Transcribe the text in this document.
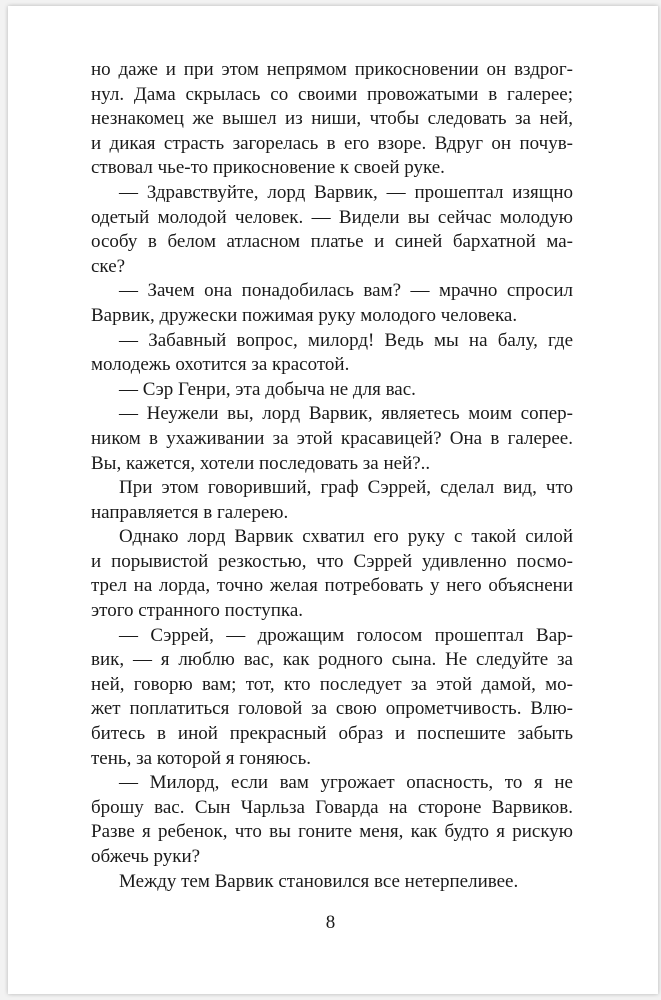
но даже и при этом непрямом прикосновении он вздрог-
нул. Дама скрылась со своими провожатыми в галерее;
незнакомец же вышел из ниши, чтобы следовать за ней,
и дикая страсть загорелась в его взоре. Вдруг он почув-
ствовал чье-то прикосновение к своей руке.
— Здравствуйте, лорд Варвик, — прошептал изящно
одетый молодой человек. — Видели вы сейчас молодую
особу в белом атласном платье и синей бархатной ма-
ске?
— Зачем она понадобилась вам? — мрачно спросил
Варвик, дружески пожимая руку молодого человека.
— Забавный вопрос, милорд! Ведь мы на балу, где
молодежь охотится за красотой.
— Сэр Генри, эта добыча не для вас.
— Неужели вы, лорд Варвик, являетесь моим сопер-
ником в ухаживании за этой красавицей? Она в галерее.
Вы, кажется, хотели последовать за ней?..
При этом говоривший, граф Сэррей, сделал вид, что
направляется в галерею.
Однако лорд Варвик схватил его руку с такой силой
и порывистой резкостью, что Сэррей удивленно посмо-
трел на лорда, точно желая потребовать у него объяснени
этого странного поступка.
— Сэррей, — дрожащим голосом прошептал Вар-
вик, — я люблю вас, как родного сына. Не следуйте за
ней, говорю вам; тот, кто последует за этой дамой, мо-
жет поплатиться головой за свою опрометчивость. Влю-
битесь в иной прекрасный образ и поспешите забыть
тень, за которой я гоняюсь.
— Милорд, если вам угрожает опасность, то я не
брошу вас. Сын Чарльза Говарда на стороне Варвиков.
Разве я ребенок, что вы гоните меня, как будто я рискую
обжечь руки?
Между тем Варвик становился все нетерпеливее.
8
